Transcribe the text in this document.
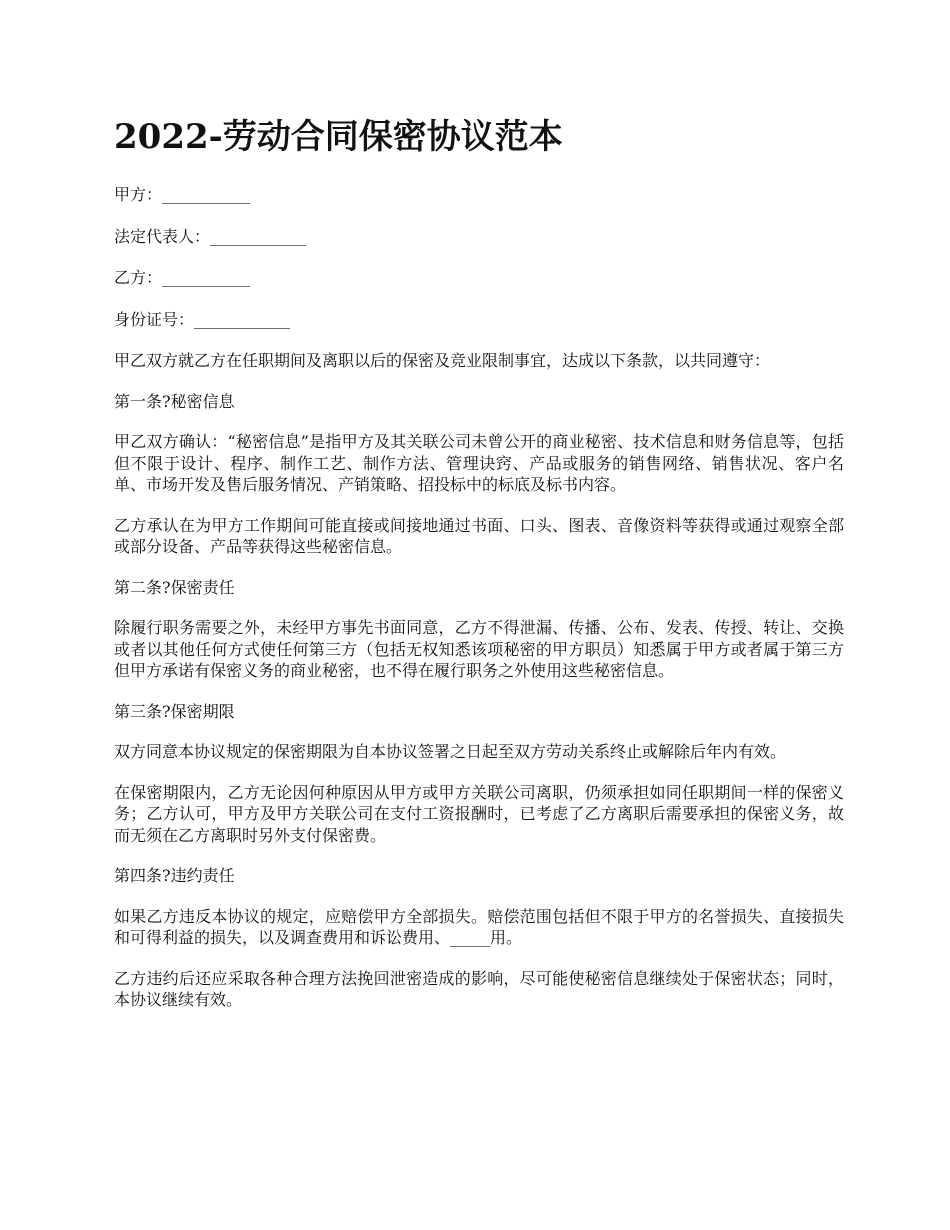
2022-劳动合同保密协议范本

甲方：___________

法定代表人：____________

乙方：___________

身份证号：____________

甲乙双方就乙方在任职期间及离职以后的保密及竞业限制事宜，达成以下条款，以共同遵守：

第一条?秘密信息

甲乙双方确认：“秘密信息”是指甲方及其关联公司未曾公开的商业秘密、技术信息和财务信息等，包括但不限于设计、程序、制作工艺、制作方法、管理诀窍、产品或服务的销售网络、销售状况、客户名单、市场开发及售后服务情况、产销策略、招投标中的标底及标书内容。

乙方承认在为甲方工作期间可能直接或间接地通过书面、口头、图表、音像资料等获得或通过观察全部或部分设备、产品等获得这些秘密信息。

第二条?保密责任

除履行职务需要之外，未经甲方事先书面同意，乙方不得泄漏、传播、公布、发表、传授、转让、交换或者以其他任何方式使任何第三方（包括无权知悉该项秘密的甲方职员）知悉属于甲方或者属于第三方但甲方承诺有保密义务的商业秘密，也不得在履行职务之外使用这些秘密信息。

第三条?保密期限

双方同意本协议规定的保密期限为自本协议签署之日起至双方劳动关系终止或解除后年内有效。

在保密期限内，乙方无论因何种原因从甲方或甲方关联公司离职，仍须承担如同任职期间一样的保密义务；乙方认可，甲方及甲方关联公司在支付工资报酬时，已考虑了乙方离职后需要承担的保密义务，故而无须在乙方离职时另外支付保密费。

第四条?违约责任

如果乙方违反本协议的规定，应赔偿甲方全部损失。赔偿范围包括但不限于甲方的名誉损失、直接损失和可得利益的损失，以及调查费用和诉讼费用、_____用。

乙方违约后还应采取各种合理方法挽回泄密造成的影响，尽可能使秘密信息继续处于保密状态；同时，本协议继续有效。
